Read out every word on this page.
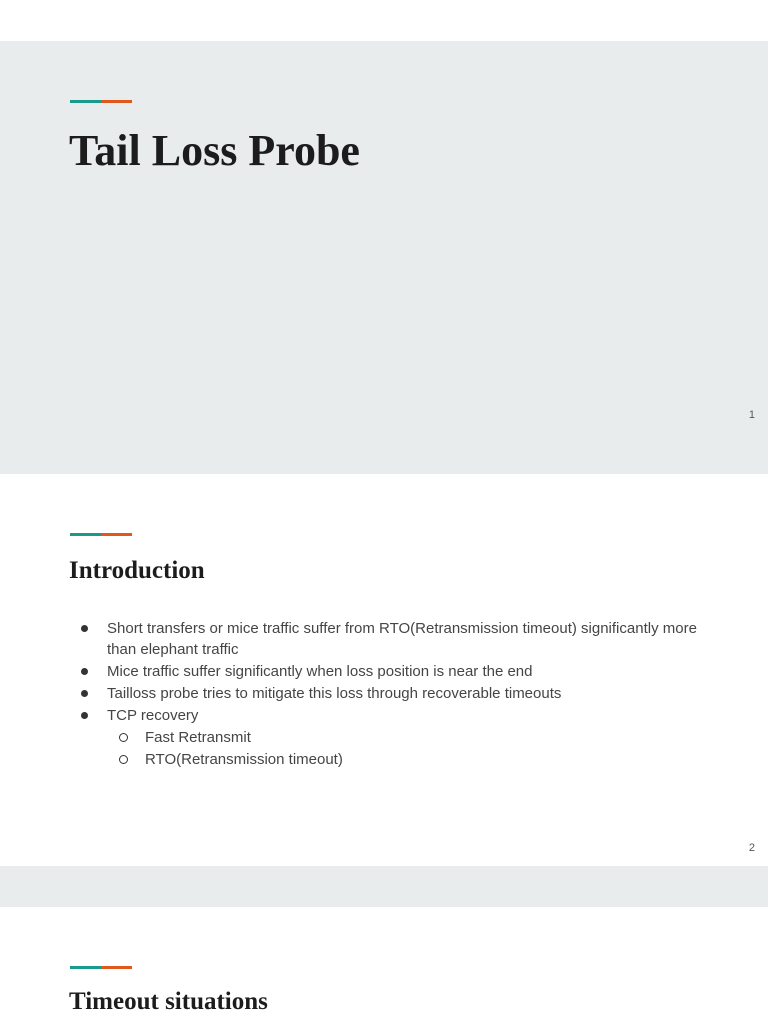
Tail Loss Probe
1
Introduction
Short transfers or mice traffic suffer from RTO(Retransmission timeout) significantly more than elephant traffic
Mice traffic suffer significantly when loss position is near the end
Tailloss probe tries to mitigate this loss through recoverable timeouts
TCP recovery
Fast Retransmit
RTO(Retransmission timeout)
2
Timeout situations
